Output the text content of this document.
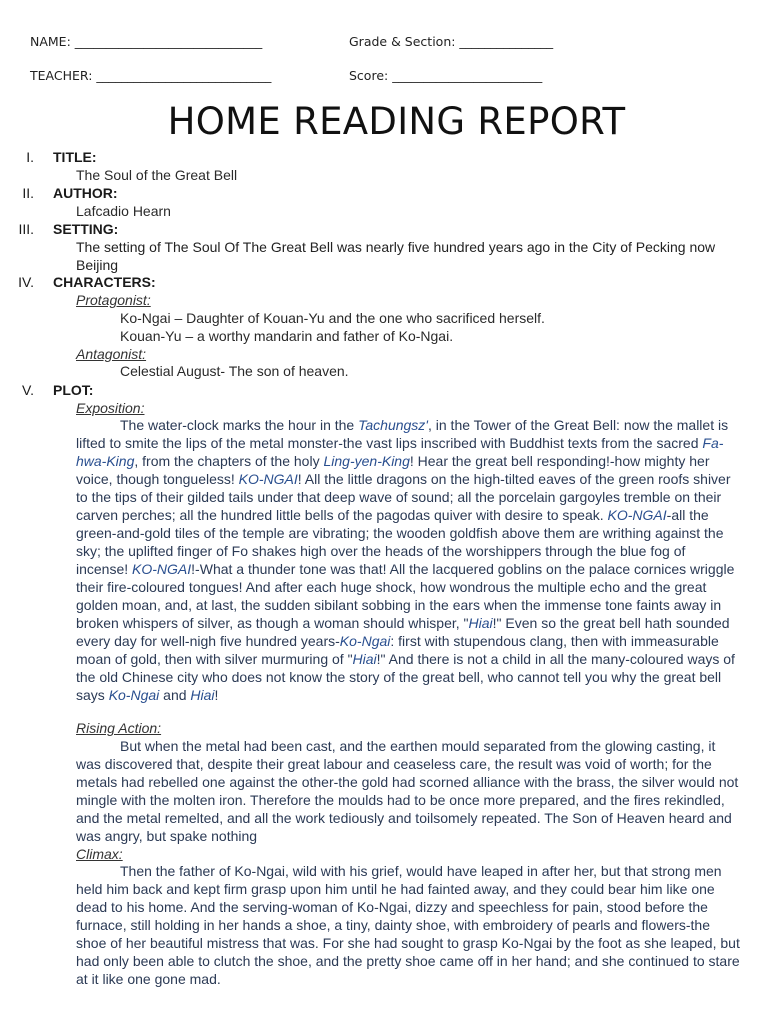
NAME: ______________________________	Grade & Section: _______________
TEACHER: ____________________________	Score: ________________________
HOME READING REPORT
I. TITLE:
The Soul of the Great Bell
II. AUTHOR:
Lafcadio Hearn
III. SETTING:
The setting of The Soul Of The Great Bell was nearly five hundred years ago in the City of Pecking now Beijing
IV. CHARACTERS:
Protagonist:
Ko-Ngai – Daughter of Kouan-Yu and the one who sacrificed herself.
Kouan-Yu – a worthy mandarin and father of Ko-Ngai.
Antagonist:
Celestial August- The son of heaven.
V. PLOT:
Exposition:
The water-clock marks the hour in the Tachungsz', in the Tower of the Great Bell: now the mallet is lifted to smite the lips of the metal monster-the vast lips inscribed with Buddhist texts from the sacred Fa-hwa-King, from the chapters of the holy Ling-yen-King! Hear the great bell responding!-how mighty her voice, though tongueless! KO-NGAI! All the little dragons on the high-tilted eaves of the green roofs shiver to the tips of their gilded tails under that deep wave of sound; all the porcelain gargoyles tremble on their carven perches; all the hundred little bells of the pagodas quiver with desire to speak. KO-NGAI-all the green-and-gold tiles of the temple are vibrating; the wooden goldfish above them are writhing against the sky; the uplifted finger of Fo shakes high over the heads of the worshippers through the blue fog of incense! KO-NGAI!-What a thunder tone was that! All the lacquered goblins on the palace cornices wriggle their fire-coloured tongues! And after each huge shock, how wondrous the multiple echo and the great golden moan, and, at last, the sudden sibilant sobbing in the ears when the immense tone faints away in broken whispers of silver, as though a woman should whisper, "Hiai!" Even so the great bell hath sounded every day for well-nigh five hundred years-Ko-Ngai: first with stupendous clang, then with immeasurable moan of gold, then with silver murmuring of "Hiai!" And there is not a child in all the many-coloured ways of the old Chinese city who does not know the story of the great bell, who cannot tell you why the great bell says Ko-Ngai and Hiai!
Rising Action:
But when the metal had been cast, and the earthen mould separated from the glowing casting, it was discovered that, despite their great labour and ceaseless care, the result was void of worth; for the metals had rebelled one against the other-the gold had scorned alliance with the brass, the silver would not mingle with the molten iron. Therefore the moulds had to be once more prepared, and the fires rekindled, and the metal remelted, and all the work tediously and toilsomely repeated. The Son of Heaven heard and was angry, but spake nothing
Climax:
Then the father of Ko-Ngai, wild with his grief, would have leaped in after her, but that strong men held him back and kept firm grasp upon him until he had fainted away, and they could bear him like one dead to his home. And the serving-woman of Ko-Ngai, dizzy and speechless for pain, stood before the furnace, still holding in her hands a shoe, a tiny, dainty shoe, with embroidery of pearls and flowers-the shoe of her beautiful mistress that was. For she had sought to grasp Ko-Ngai by the foot as she leaped, but had only been able to clutch the shoe, and the pretty shoe came off in her hand; and she continued to stare at it like one gone mad.
